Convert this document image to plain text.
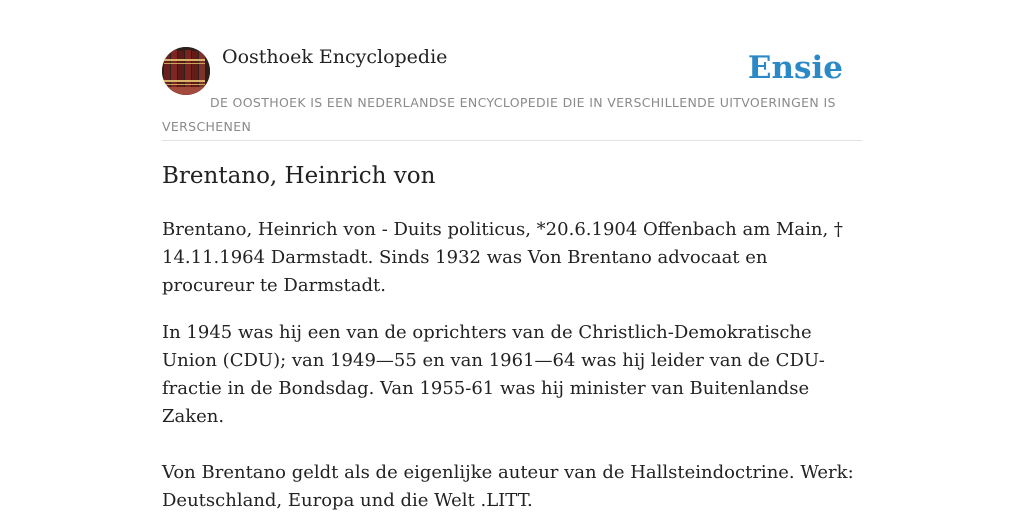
Oosthoek Encyclopedie	Ensie
DE OOSTHOEK IS EEN NEDERLANDSE ENCYCLOPEDIE DIE IN VERSCHILLENDE UITVOERINGEN IS VERSCHENEN
Brentano, Heinrich von

Brentano, Heinrich von - Duits politicus, *20.6.1904 Offenbach am Main, † 14.11.1964 Darmstadt. Sinds 1932 was Von Brentano advocaat en procureur te Darmstadt.

In 1945 was hij een van de oprichters van de Christlich-Demokratische Union (CDU); van 1949—55 en van 1961—64 was hij leider van de CDU-fractie in de Bondsdag. Van 1955-61 was hij minister van Buitenlandse Zaken.

Von Brentano geldt als de eigenlijke auteur van de Hallsteindoctrine. Werk: Deutschland, Europa und die Welt .LITT.
